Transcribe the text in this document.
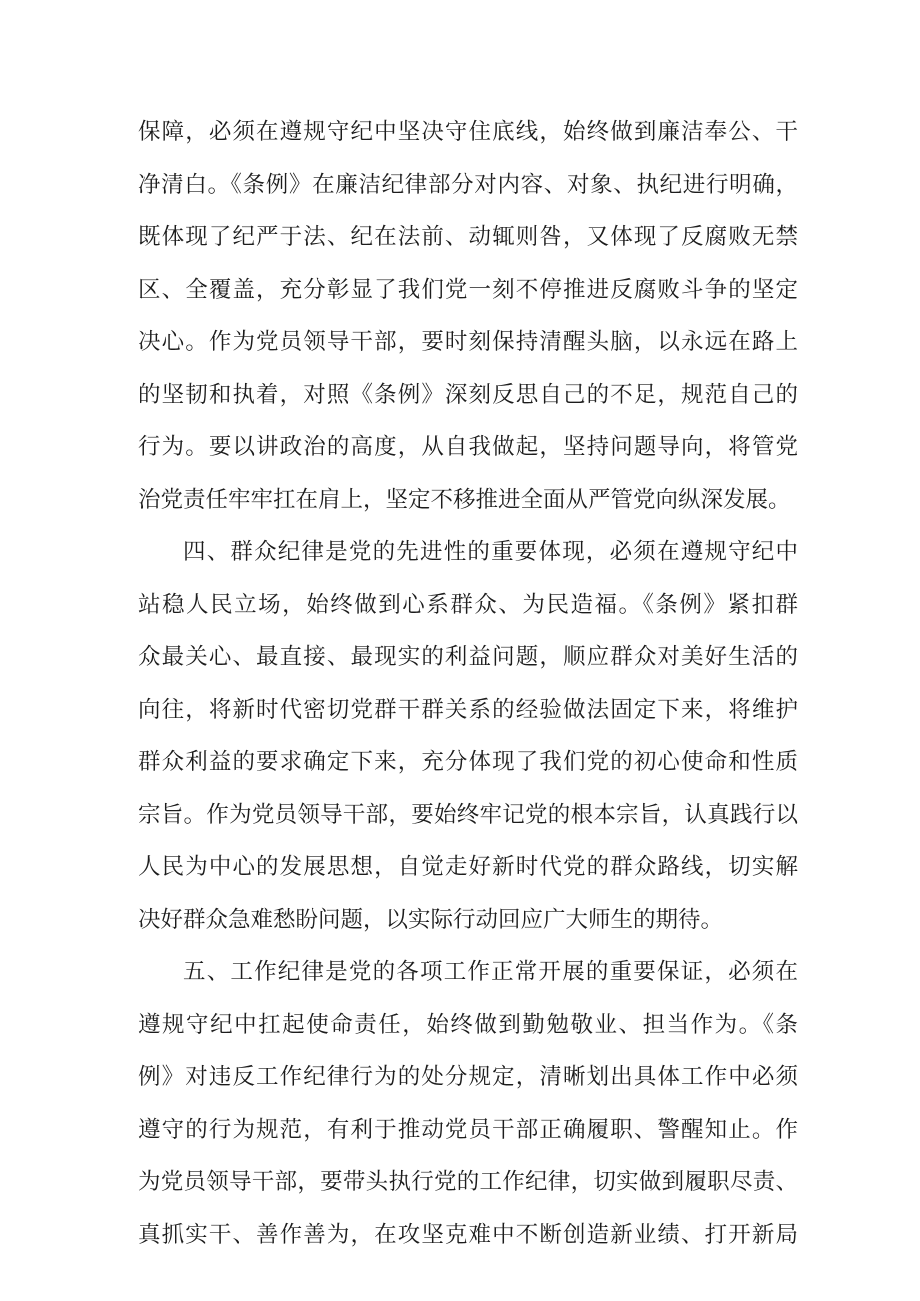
保障，必须在遵规守纪中坚决守住底线，始终做到廉洁奉公、干
净清白。《条例》在廉洁纪律部分对内容、对象、执纪进行明确，
既体现了纪严于法、纪在法前、动辄则咎，又体现了反腐败无禁
区、全覆盖，充分彰显了我们党一刻不停推进反腐败斗争的坚定
决心。作为党员领导干部，要时刻保持清醒头脑，以永远在路上
的坚韧和执着，对照《条例》深刻反思自己的不足，规范自己的
行为。要以讲政治的高度，从自我做起，坚持问题导向，将管党
治党责任牢牢扛在肩上，坚定不移推进全面从严管党向纵深发展。
四、群众纪律是党的先进性的重要体现，必须在遵规守纪中
站稳人民立场，始终做到心系群众、为民造福。《条例》紧扣群
众最关心、最直接、最现实的利益问题，顺应群众对美好生活的
向往，将新时代密切党群干群关系的经验做法固定下来，将维护
群众利益的要求确定下来，充分体现了我们党的初心使命和性质
宗旨。作为党员领导干部，要始终牢记党的根本宗旨，认真践行以
人民为中心的发展思想，自觉走好新时代党的群众路线，切实解
决好群众急难愁盼问题，以实际行动回应广大师生的期待。
五、工作纪律是党的各项工作正常开展的重要保证，必须在
遵规守纪中扛起使命责任，始终做到勤勉敬业、担当作为。《条
例》对违反工作纪律行为的处分规定，清晰划出具体工作中必须
遵守的行为规范，有利于推动党员干部正确履职、警醒知止。作
为党员领导干部，要带头执行党的工作纪律，切实做到履职尽责、
真抓实干、善作善为，在攻坚克难中不断创造新业绩、打开新局
